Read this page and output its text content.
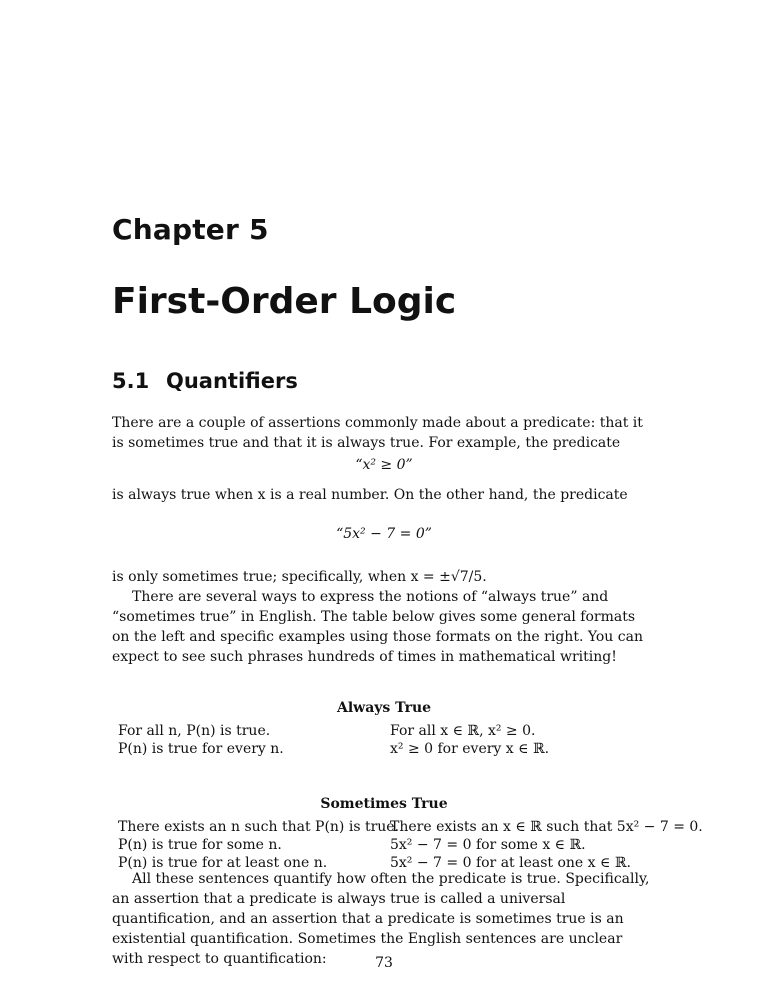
Chapter 5
First-Order Logic
5.1 Quantifiers
There are a couple of assertions commonly made about a predicate: that it is sometimes true and that it is always true. For example, the predicate
“x² ≥ 0”
is always true when x is a real number. On the other hand, the predicate
“5x² − 7 = 0”
is only sometimes true; specifically, when x = ±√7/5.
There are several ways to express the notions of “always true” and “sometimes true” in English. The table below gives some general formats on the left and specific examples using those formats on the right. You can expect to see such phrases hundreds of times in mathematical writing!
Always True
For all n, P(n) is true.
P(n) is true for every n.
For all x ∈ ℝ, x² ≥ 0.
x² ≥ 0 for every x ∈ ℝ.
Sometimes True
There exists an n such that P(n) is true.
P(n) is true for some n.
P(n) is true for at least one n.
There exists an x ∈ ℝ such that 5x² − 7 = 0.
5x² − 7 = 0 for some x ∈ ℝ.
5x² − 7 = 0 for at least one x ∈ ℝ.
All these sentences quantify how often the predicate is true. Specifically, an assertion that a predicate is always true is called a universal quantification, and an assertion that a predicate is sometimes true is an existential quantification. Sometimes the English sentences are unclear with respect to quantification:	73
